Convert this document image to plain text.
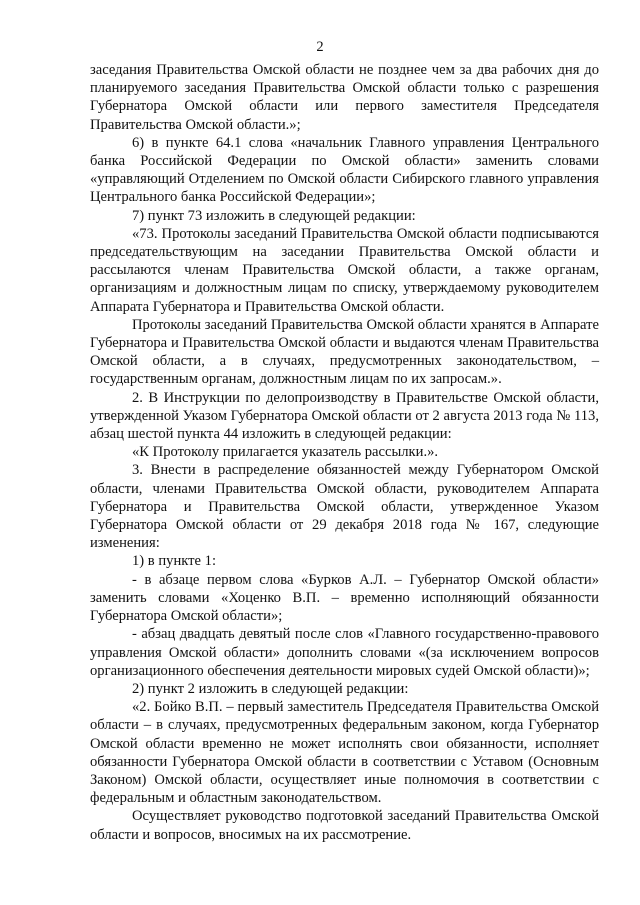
2

заседания Правительства Омской области не позднее чем за два рабочих дня до планируемого заседания Правительства Омской области только с разрешения Губернатора Омской области или первого заместителя Председателя Правительства Омской области.»;

6) в пункте 64.1 слова «начальник Главного управления Центрального банка Российской Федерации по Омской области» заменить словами «управляющий Отделением по Омской области Сибирского главного управления Центрального банка Российской Федерации»;

7) пункт 73 изложить в следующей редакции:

«73. Протоколы заседаний Правительства Омской области подписываются председательствующим на заседании Правительства Омской области и рассылаются членам Правительства Омской области, а также органам, организациям и должностным лицам по списку, утверждаемому руководителем Аппарата Губернатора и Правительства Омской области.

Протоколы заседаний Правительства Омской области хранятся в Аппарате Губернатора и Правительства Омской области и выдаются членам Правительства Омской области, а в случаях, предусмотренных законодательством, – государственным органам, должностным лицам по их запросам.».

2. В Инструкции по делопроизводству в Правительстве Омской области, утвержденной Указом Губернатора Омской области от 2 августа 2013 года № 113, абзац шестой пункта 44 изложить в следующей редакции:

«К Протоколу прилагается указатель рассылки.».

3. Внести в распределение обязанностей между Губернатором Омской области, членами Правительства Омской области, руководителем Аппарата Губернатора и Правительства Омской области, утвержденное Указом Губернатора Омской области от 29 декабря 2018 года № 167, следующие изменения:

1) в пункте 1:

- в абзаце первом слова «Бурков А.Л. – Губернатор Омской области» заменить словами «Хоценко В.П. – временно исполняющий обязанности Губернатора Омской области»;

- абзац двадцать девятый после слов «Главного государственно-правового управления Омской области» дополнить словами «(за исключением вопросов организационного обеспечения деятельности мировых судей Омской области)»;

2) пункт 2 изложить в следующей редакции:

«2. Бойко В.П. – первый заместитель Председателя Правительства Омской области – в случаях, предусмотренных федеральным законом, когда Губернатор Омской области временно не может исполнять свои обязанности, исполняет обязанности Губернатора Омской области в соответствии с Уставом (Основным Законом) Омской области, осуществляет иные полномочия в соответствии с федеральным и областным законодательством.

Осуществляет руководство подготовкой заседаний Правительства Омской области и вопросов, вносимых на их рассмотрение.
